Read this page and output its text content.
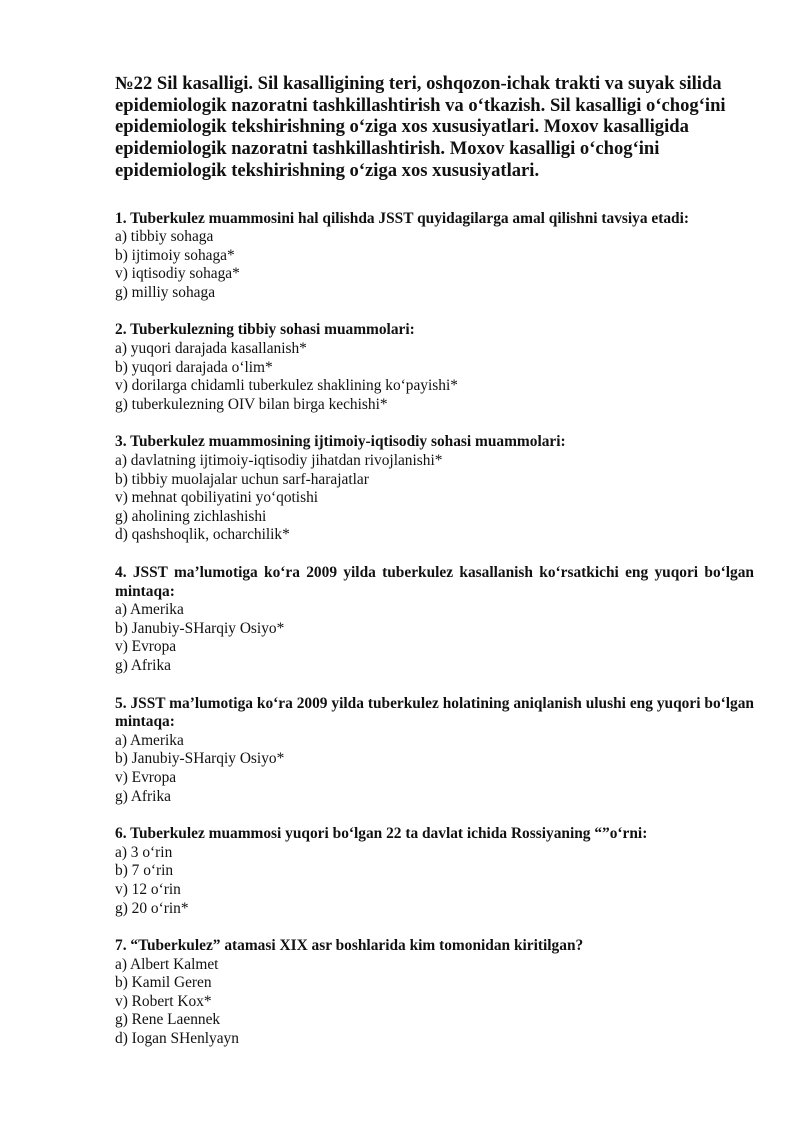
№22 Sil kasalligi. Sil kasalligining teri, oshqozon-ichak trakti va suyak silida epidemiologik nazoratni tashkillashtirish va o‘tkazish. Sil kasalligi o‘chog‘ini epidemiologik tekshirishning o‘ziga xos xususiyatlari. Moxov kasalligida epidemiologik nazoratni tashkillashtirish. Moxov kasalligi o‘chog‘ini epidemiologik tekshirishning o‘ziga xos xususiyatlari.
1. Tuberkulez muammosini hal qilishda JSST quyidagilarga amal qilishni tavsiya etadi:
a) tibbiy sohaga
b) ijtimoiy sohaga*
v) iqtisodiy sohaga*
g) milliy sohaga
2. Tuberkulezning tibbiy sohasi muammolari:
a) yuqori darajada kasallanish*
b) yuqori darajada o‘lim*
v) dorilarga chidamli tuberkulez shaklining ko‘payishi*
g) tuberkulezning OIV bilan birga kechishi*
3. Tuberkulez muammosining ijtimoiy-iqtisodiy sohasi muammolari:
a) davlatning ijtimoiy-iqtisodiy jihatdan rivojlanishi*
b) tibbiy muolajalar uchun sarf-harajatlar
v) mehnat qobiliyatini yo‘qotishi
g) aholining zichlashishi
d) qashshoqlik, ocharchilik*
4. JSST ma’lumotiga ko‘ra 2009 yilda tuberkulez kasallanish ko‘rsatkichi eng yuqori bo‘lgan mintaqa:
a) Amerika
b) Janubiy-SHarqiy Osiyo*
v) Evropa
g) Afrika
5. JSST ma’lumotiga ko‘ra 2009 yilda tuberkulez holatining aniqlanish ulushi eng yuqori bo‘lgan mintaqa:
a) Amerika
b) Janubiy-SHarqiy Osiyo*
v) Evropa
g) Afrika
6. Tuberkulez muammosi yuqori bo‘lgan 22 ta davlat ichida Rossiyaning “”o‘rni:
a) 3 o‘rin
b) 7 o‘rin
v) 12 o‘rin
g) 20 o‘rin*
7. “Tuberkulez” atamasi XIX asr boshlarida kim tomonidan kiritilgan?
a) Albert Kalmet
b) Kamil Geren
v) Robert Kox*
g) Rene Laennek
d) Iogan SHenlyayn
